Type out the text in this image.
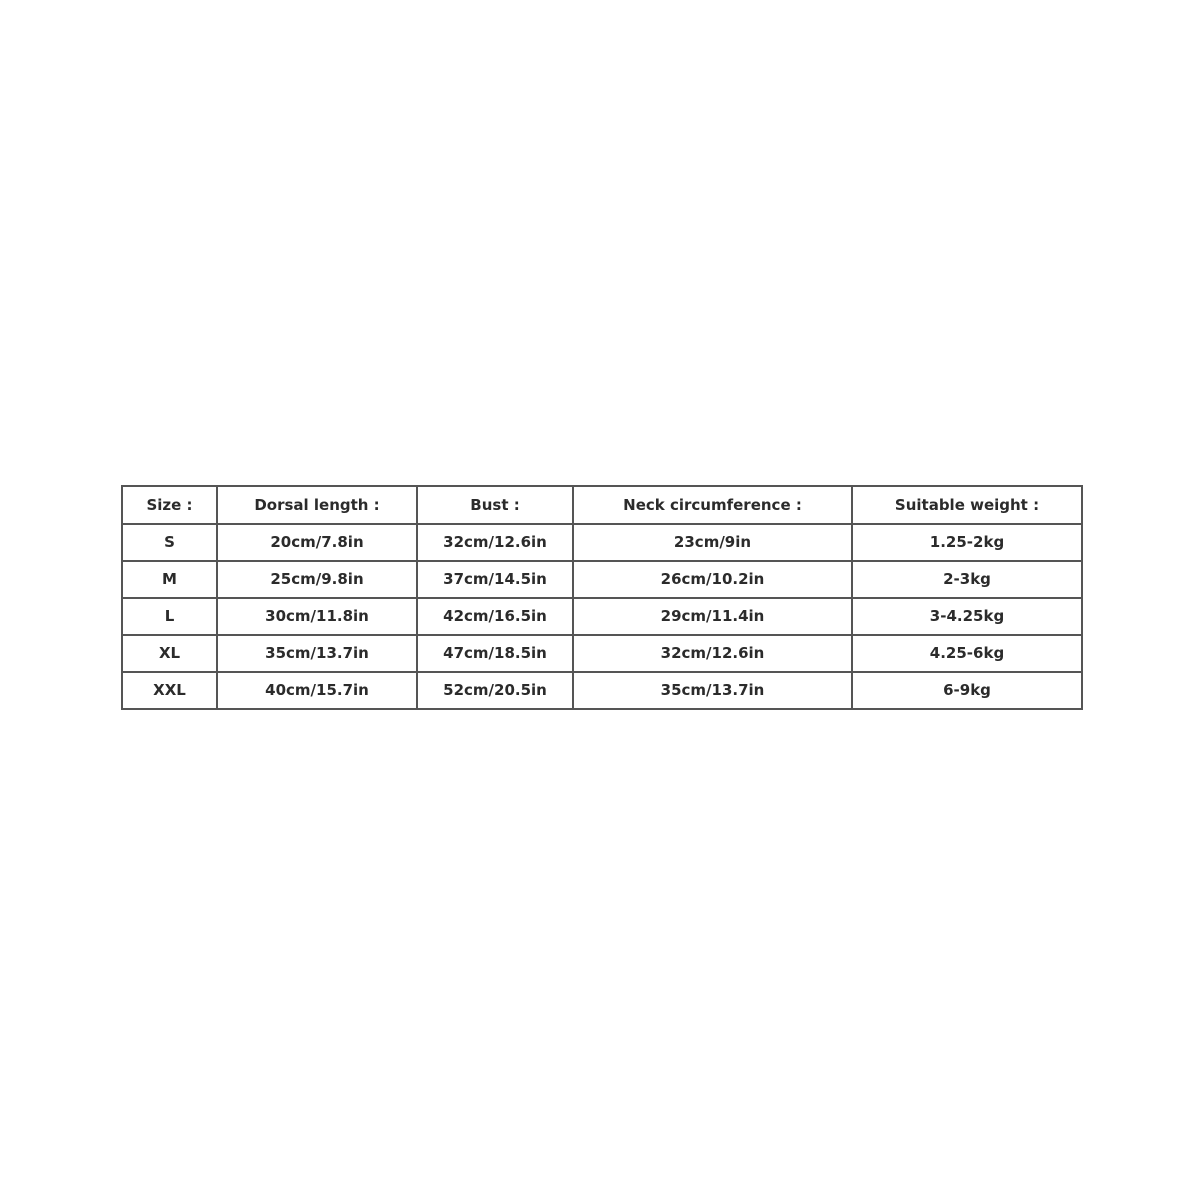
Size :	Dorsal length :	Bust :	Neck circumference :	Suitable weight :
S	20cm/7.8in	32cm/12.6in	23cm/9in	1.25-2kg
M	25cm/9.8in	37cm/14.5in	26cm/10.2in	2-3kg
L	30cm/11.8in	42cm/16.5in	29cm/11.4in	3-4.25kg
XL	35cm/13.7in	47cm/18.5in	32cm/12.6in	4.25-6kg
XXL	40cm/15.7in	52cm/20.5in	35cm/13.7in	6-9kg
